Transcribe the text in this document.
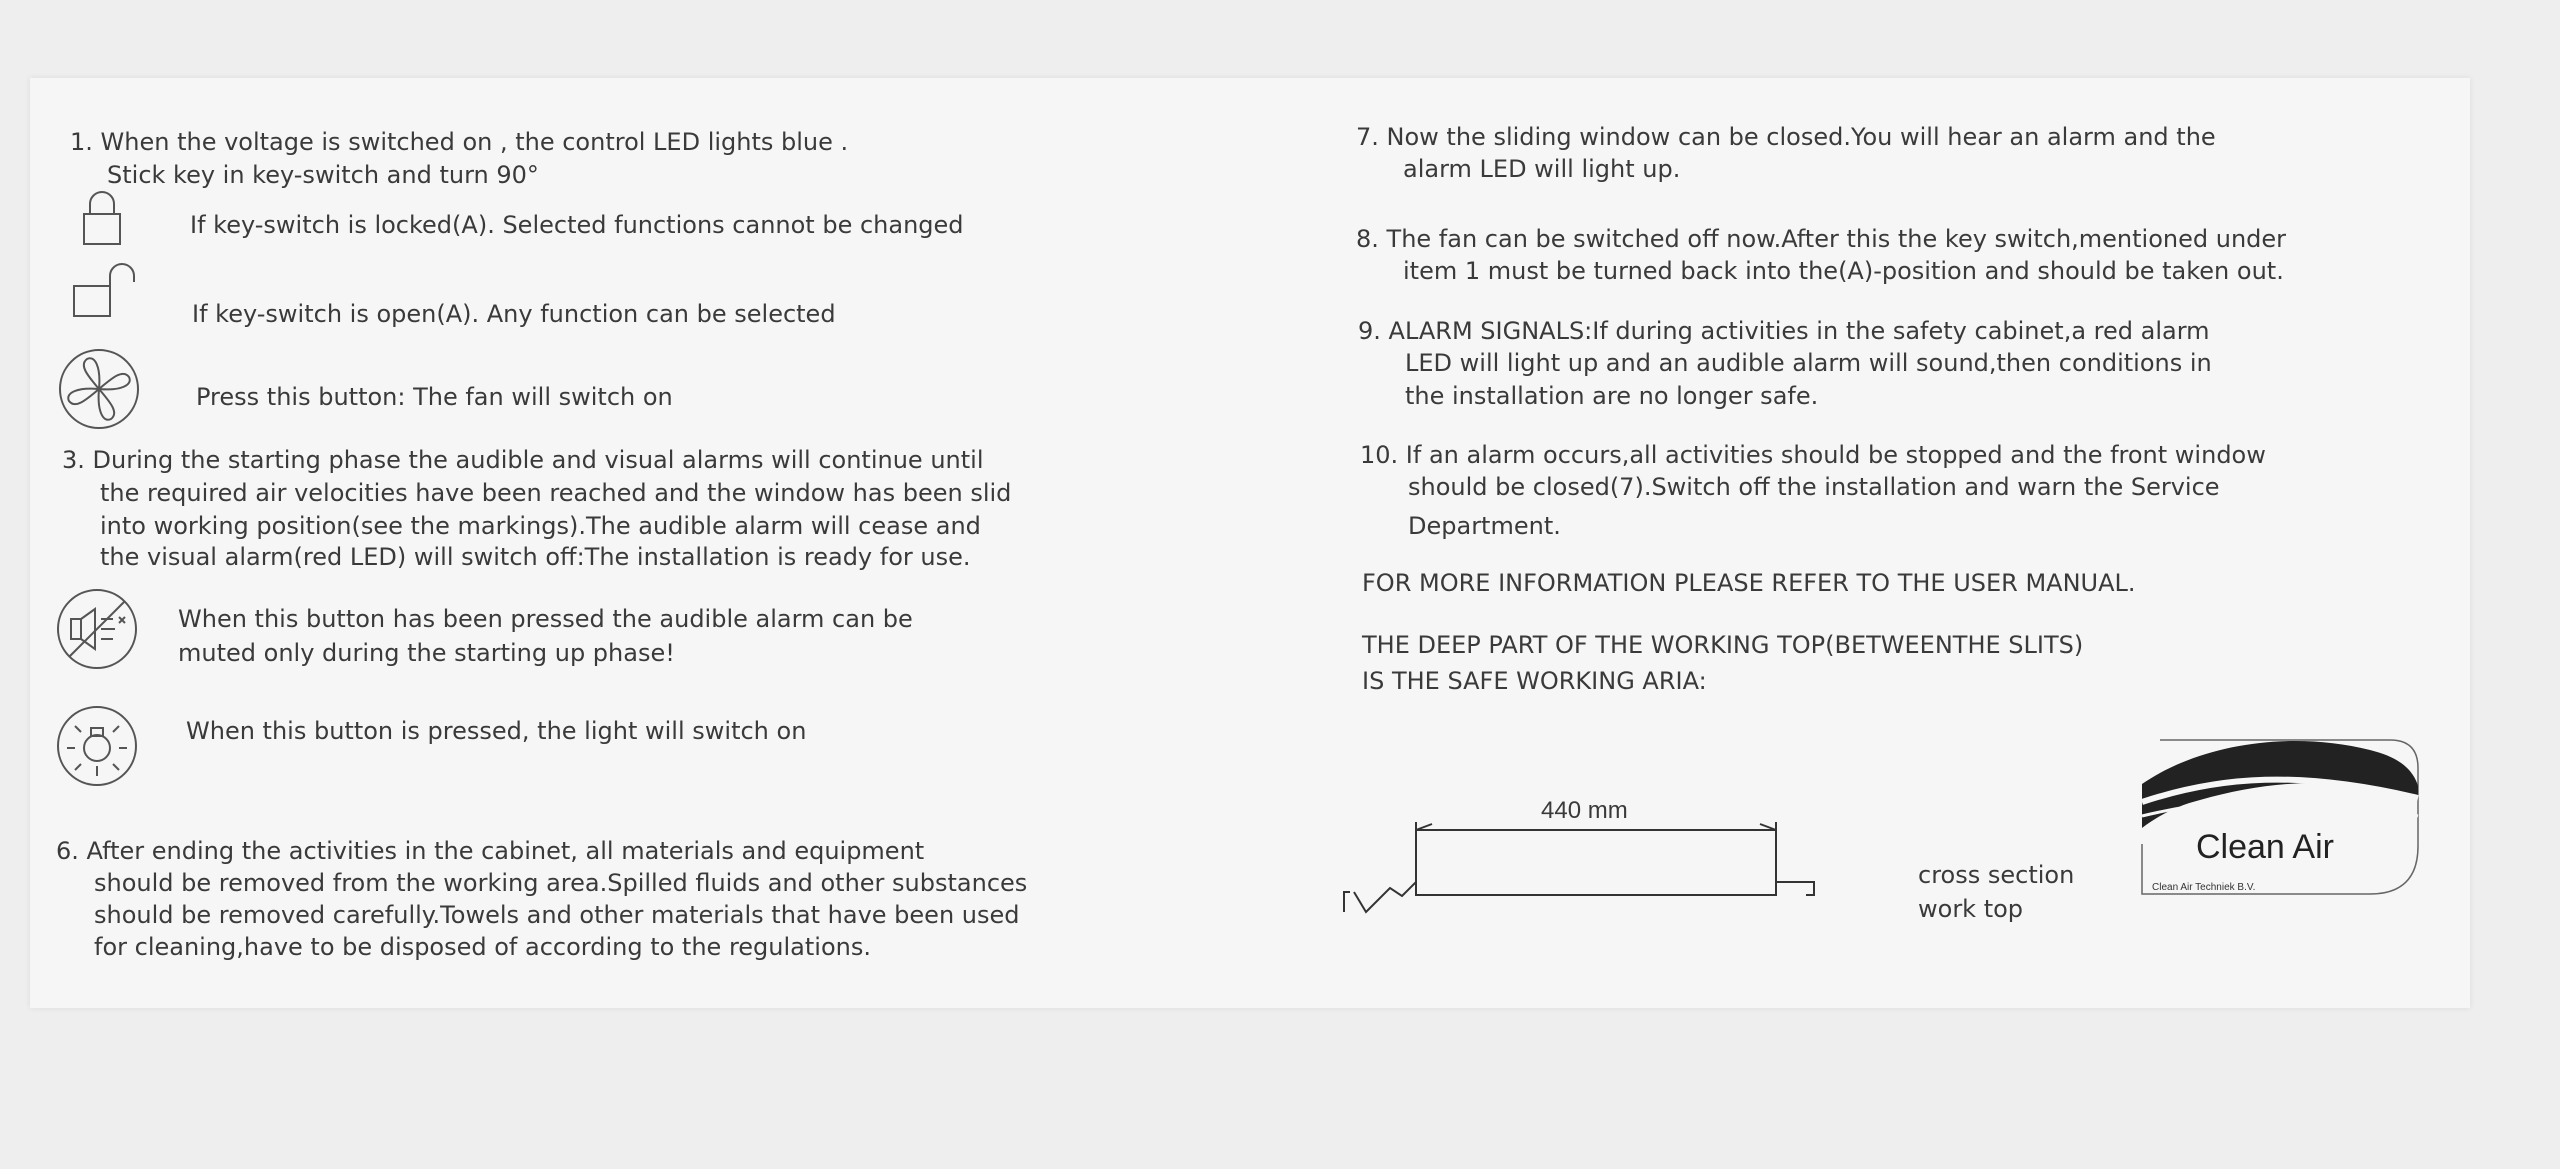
1. When the voltage is switched on , the control LED lights blue .
Stick key in key-switch and turn 90°
If key-switch is locked(A). Selected functions cannot be changed
If key-switch is open(A). Any function can be selected
Press this button: The fan will switch on
3. During the starting phase the audible and visual alarms will continue until
the required air velocities have been reached and the window has been slid
into working position(see the markings).The audible alarm will cease and
the visual alarm(red LED) will switch off:The installation is ready for use.
When this button has been pressed the audible alarm can be
muted only during the starting up phase!
When this button is pressed, the light will switch on
6. After ending the activities in the cabinet, all materials and equipment
should be removed from the working area.Spilled fluids and other substances
should be removed carefully.Towels and other materials that have been used
for cleaning,have to be disposed of according to the regulations.
7. Now the sliding window can be closed.You will hear an alarm and the
alarm LED will light up.
8. The fan can be switched off now.After this the key switch,mentioned under
item 1 must be turned back into the(A)-position and should be taken out.
9. ALARM SIGNALS:If during activities in the safety cabinet,a red alarm
LED will light up and an audible alarm will sound,then conditions in
the installation are no longer safe.
10. If an alarm occurs,all activities should be stopped and the front window
should be closed(7).Switch off the installation and warn the Service
Department.
FOR MORE INFORMATION PLEASE REFER TO THE USER MANUAL.
THE DEEP PART OF THE WORKING TOP(BETWEENTHE SLITS)
IS THE SAFE WORKING ARIA:
440 mm
cross section
work top
Clean Air
Clean Air Techniek B.V.
